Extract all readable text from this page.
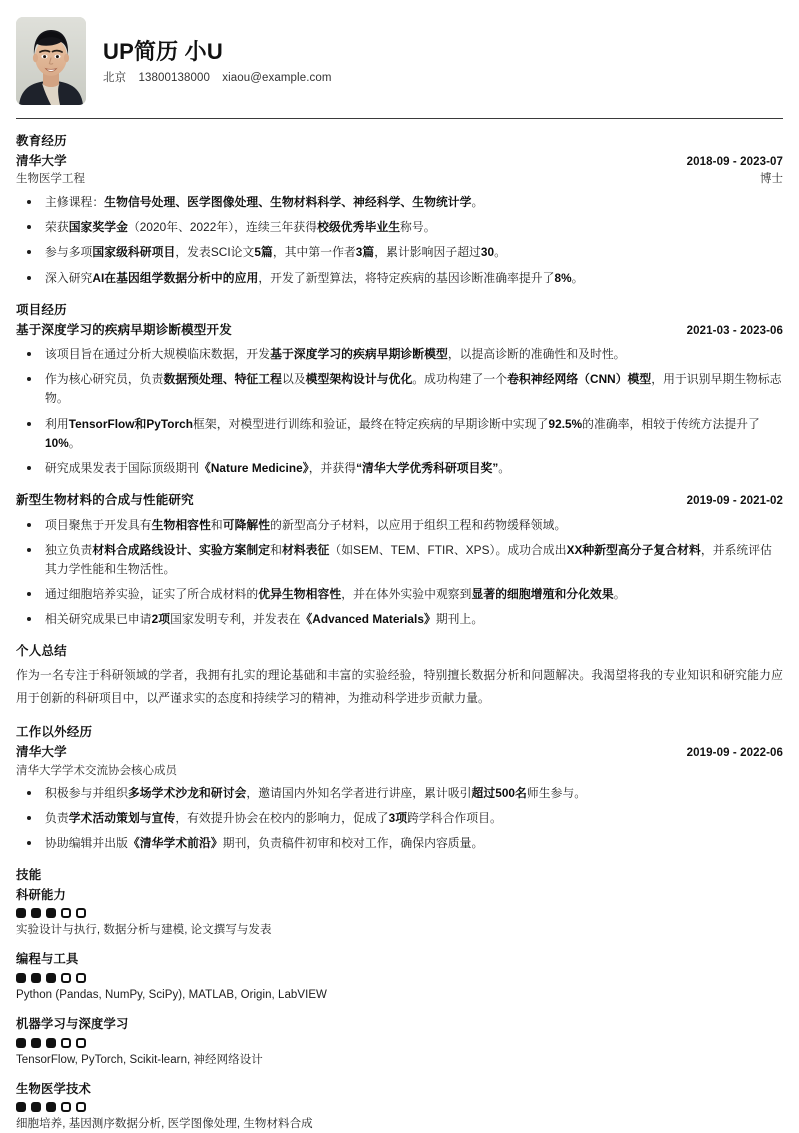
UP简历 小U
北京 13800138000 xiaou@example.com
教育经历
清华大学	2018-09 - 2023-07
生物医学工程	博士
主修课程：生物信号处理、医学图像处理、生物材料科学、神经科学、生物统计学。
荣获国家奖学金（2020年、2022年），连续三年获得校级优秀毕业生称号。
参与多项国家级科研项目，发表SCI论文5篇，其中第一作者3篇，累计影响因子超过30。
深入研究AI在基因组学数据分析中的应用，开发了新型算法，将特定疾病的基因诊断准确率提升了8%。
项目经历
基于深度学习的疾病早期诊断模型开发	2021-03 - 2023-06
该项目旨在通过分析大规模临床数据，开发基于深度学习的疾病早期诊断模型，以提高诊断的准确性和及时性。
作为核心研究员，负责数据预处理、特征工程以及模型架构设计与优化。成功构建了一个卷积神经网络（CNN）模型，用于识别早期生物标志物。
利用TensorFlow和PyTorch框架，对模型进行训练和验证，最终在特定疾病的早期诊断中实现了92.5%的准确率，相较于传统方法提升了10%。
研究成果发表于国际顶级期刊《Nature Medicine》，并获得“清华大学优秀科研项目奖”。
新型生物材料的合成与性能研究	2019-09 - 2021-02
项目聚焦于开发具有生物相容性和可降解性的新型高分子材料，以应用于组织工程和药物缓释领域。
独立负责材料合成路线设计、实验方案制定和材料表征（如SEM、TEM、FTIR、XPS）。成功合成出XX种新型高分子复合材料，并系统评估其力学性能和生物活性。
通过细胞培养实验，证实了所合成材料的优异生物相容性，并在体外实验中观察到显著的细胞增殖和分化效果。
相关研究成果已申请2项国家发明专利，并发表在《Advanced Materials》期刊上。
个人总结
作为一名专注于科研领域的学者，我拥有扎实的理论基础和丰富的实验经验，特别擅长数据分析和问题解决。我渴望将我的专业知识和研究能力应用于创新的科研项目中，以严谨求实的态度和持续学习的精神，为推动科学进步贡献力量。
工作以外经历
清华大学	2019-09 - 2022-06
清华大学学术交流协会核心成员
积极参与并组织多场学术沙龙和研讨会，邀请国内外知名学者进行讲座，累计吸引超过500名师生参与。
负责学术活动策划与宣传，有效提升协会在校内的影响力，促成了3项跨学科合作项目。
协助编辑并出版《清华学术前沿》期刊，负责稿件初审和校对工作，确保内容质量。
技能
科研能力
实验设计与执行, 数据分析与建模, 论文撰写与发表
编程与工具
Python (Pandas, NumPy, SciPy), MATLAB, Origin, LabVIEW
机器学习与深度学习
TensorFlow, PyTorch, Scikit-learn, 神经网络设计
生物医学技术
细胞培养, 基因测序数据分析, 医学图像处理, 生物材料合成
